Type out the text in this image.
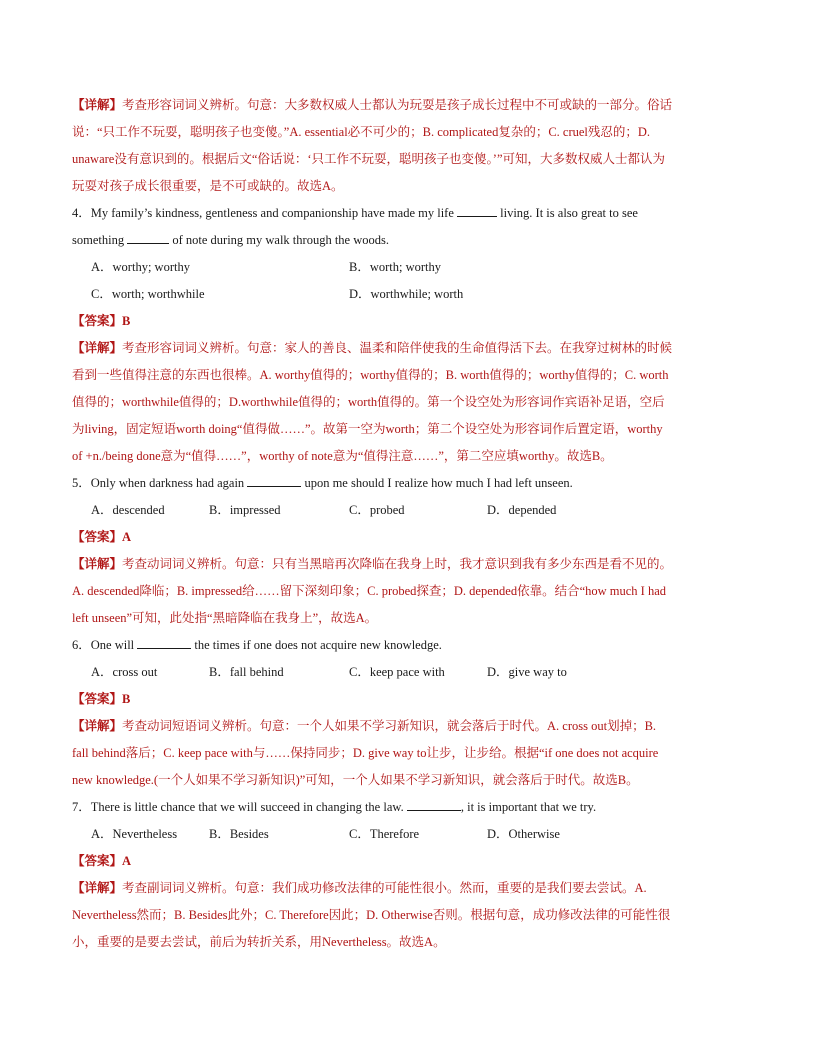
【详解】考查形容词词义辨析。句意：大多数权威人士都认为玩耍是孩子成长过程中不可或缺的一部分。俗话
说：“只工作不玩耍，聪明孩子也变傻。”A. essential必不可少的；B. complicated复杂的；C. cruel残忍的；D.
unaware没有意识到的。根据后文“俗话说：‘只工作不玩耍，聪明孩子也变傻。’”可知，大多数权威人士都认为
玩耍对孩子成长很重要，是不可或缺的。故选A。
4．My family’s kindness, gentleness and companionship have made my life	living. It is also great to see
something	of note during my walk through the woods.
A．worthy; worthy	B．worth; worthy
C．worth; worthwhile	D．worthwhile; worth
【答案】B
【详解】考查形容词词义辨析。句意：家人的善良、温柔和陪伴使我的生命值得活下去。在我穿过树林的时候
看到一些值得注意的东西也很棒。A. worthy值得的；worthy值得的；B. worth值得的；worthy值得的；C. worth
值得的；worthwhile值得的；D.worthwhile值得的；worth值得的。第一个设空处为形容词作宾语补足语，空后
为living，固定短语worth doing“值得做……”。故第一空为worth；第二个设空处为形容词作后置定语，worthy
of +n./being done意为“值得……”，worthy of note意为“值得注意……”，第二空应填worthy。故选B。
5．Only when darkness had again	upon me should I realize how much I had left unseen.
A．descended	B．impressed	C．probed	D．depended
【答案】A
【详解】考查动词词义辨析。句意：只有当黑暗再次降临在我身上时，我才意识到我有多少东西是看不见的。
A. descended降临；B. impressed给……留下深刻印象；C. probed探查；D. depended依靠。结合“how much I had
left unseen”可知，此处指“黑暗降临在我身上”，故选A。
6．One will	the times if one does not acquire new knowledge.
A．cross out	B．fall behind	C．keep pace with	D．give way to
【答案】B
【详解】考查动词短语词义辨析。句意：一个人如果不学习新知识，就会落后于时代。A. cross out划掉；B.
fall behind落后；C. keep pace with与……保持同步；D. give way to让步，让步给。根据“if one does not acquire
new knowledge.(一个人如果不学习新知识)”可知，一个人如果不学习新知识，就会落后于时代。故选B。
7．There is little chance that we will succeed in changing the law.	, it is important that we try.
A．Nevertheless	B．Besides	C．Therefore	D．Otherwise
【答案】A
【详解】考查副词词义辨析。句意：我们成功修改法律的可能性很小。然而，重要的是我们要去尝试。A.
Nevertheless然而；B. Besides此外；C. Therefore因此；D. Otherwise否则。根据句意，成功修改法律的可能性很
小，重要的是要去尝试，前后为转折关系，用Nevertheless。故选A。
